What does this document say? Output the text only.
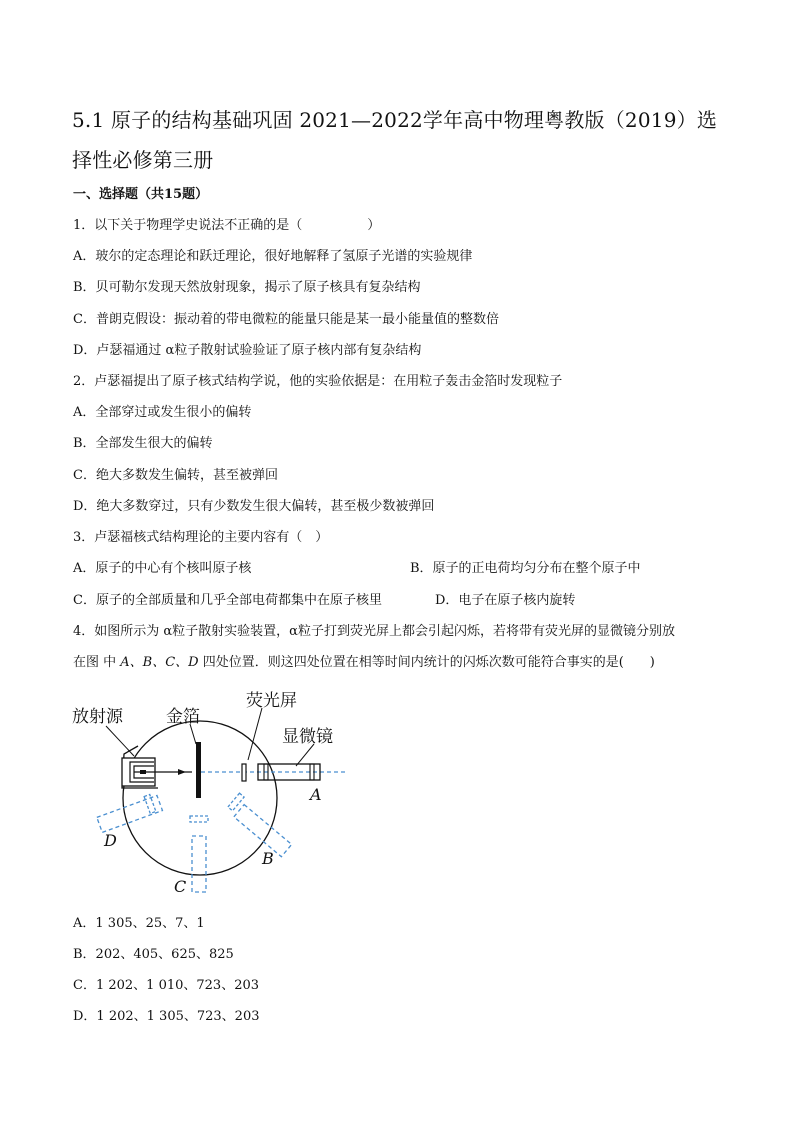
5.1 原子的结构基础巩固 2021—2022学年高中物理粤教版（2019）选择性必修第三册
一、选择题（共15题）
1．以下关于物理学史说法不正确的是（　　　　　）
A．玻尔的定态理论和跃迁理论，很好地解释了氢原子光谱的实验规律
B．贝可勒尔发现天然放射现象，揭示了原子核具有复杂结构
C．普朗克假设：振动着的带电微粒的能量只能是某一最小能量值的整数倍
D．卢瑟福通过 α粒子散射试验验证了原子核内部有复杂结构
2．卢瑟福提出了原子核式结构学说，他的实验依据是：在用粒子轰击金箔时发现粒子
A．全部穿过或发生很小的偏转
B．全部发生很大的偏转
C．绝大多数发生偏转，甚至被弹回
D．绝大多数穿过，只有少数发生很大偏转，甚至极少数被弹回
3．卢瑟福核式结构理论的主要内容有（　）
A．原子的中心有个核叫原子核	B．原子的正电荷均匀分布在整个原子中
C．原子的全部质量和几乎全部电荷都集中在原子核里	D．电子在原子核内旋转
4．如图所示为 α粒子散射实验装置，α粒子打到荧光屏上都会引起闪烁，若将带有荧光屏的显微镜分别放
在图 中 A、B、C、D 四处位置．则这四处位置在相等时间内统计的闪烁次数可能符合事实的是(　　)
放射源	金箔
荧光屏
显微镜
A
B
C
D
A．1 305、25、7、1
B．202、405、625、825
C．1 202、1 010、723、203
D．1 202、1 305、723、203
